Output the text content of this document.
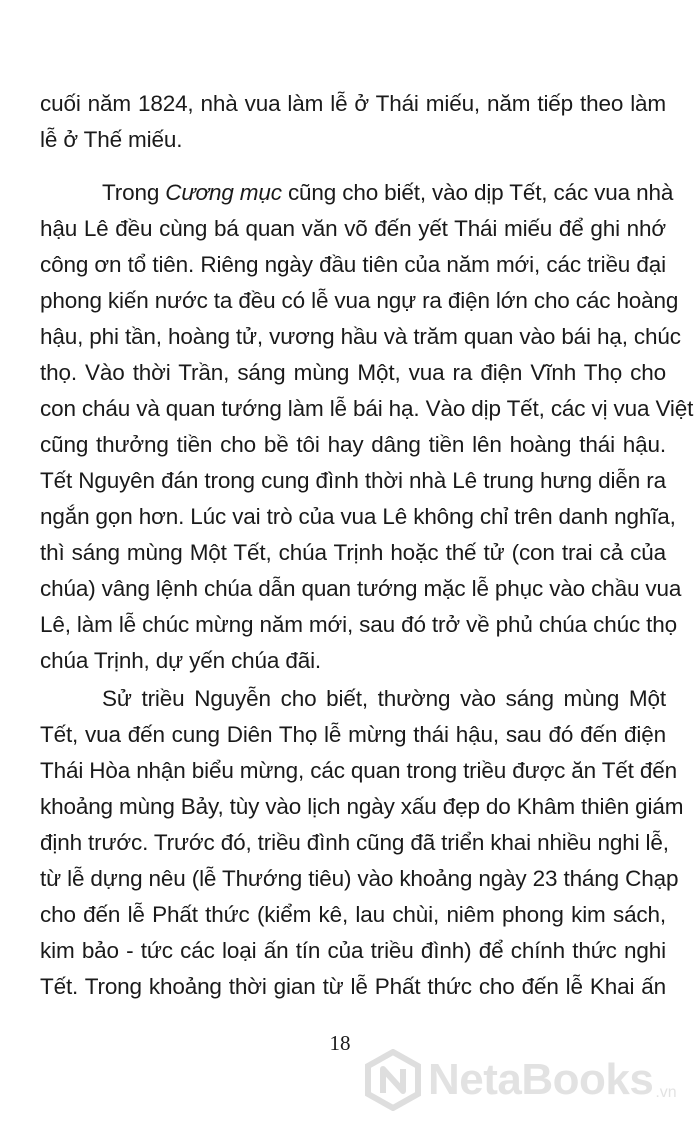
cuối năm 1824, nhà vua làm lễ ở Thái miếu, năm tiếp theo làm
lễ ở Thế miếu.
Trong Cương mục cũng cho biết, vào dịp Tết, các vua nhà
hậu Lê đều cùng bá quan văn võ đến yết Thái miếu để ghi nhớ
công ơn tổ tiên. Riêng ngày đầu tiên của năm mới, các triều đại
phong kiến nước ta đều có lễ vua ngự ra điện lớn cho các hoàng
hậu, phi tần, hoàng tử, vương hầu và trăm quan vào bái hạ, chúc
thọ. Vào thời Trần, sáng mùng Một, vua ra điện Vĩnh Thọ cho
con cháu và quan tướng làm lễ bái hạ. Vào dịp Tết, các vị vua Việt
cũng thưởng tiền cho bề tôi hay dâng tiền lên hoàng thái hậu.
Tết Nguyên đán trong cung đình thời nhà Lê trung hưng diễn ra
ngắn gọn hơn. Lúc vai trò của vua Lê không chỉ trên danh nghĩa,
thì sáng mùng Một Tết, chúa Trịnh hoặc thế tử (con trai cả của
chúa) vâng lệnh chúa dẫn quan tướng mặc lễ phục vào chầu vua
Lê, làm lễ chúc mừng năm mới, sau đó trở về phủ chúa chúc thọ
chúa Trịnh, dự yến chúa đãi.
Sử triều Nguyễn cho biết, thường vào sáng mùng Một
Tết, vua đến cung Diên Thọ lễ mừng thái hậu, sau đó đến điện
Thái Hòa nhận biểu mừng, các quan trong triều được ăn Tết đến
khoảng mùng Bảy, tùy vào lịch ngày xấu đẹp do Khâm thiên giám
định trước. Trước đó, triều đình cũng đã triển khai nhiều nghi lễ,
từ lễ dựng nêu (lễ Thướng tiêu) vào khoảng ngày 23 tháng Chạp
cho đến lễ Phất thức (kiểm kê, lau chùi, niêm phong kim sách,
kim bảo - tức các loại ấn tín của triều đình) để chính thức nghi
Tết. Trong khoảng thời gian từ lễ Phất thức cho đến lễ Khai ấn
18
NetaBooks .vn
